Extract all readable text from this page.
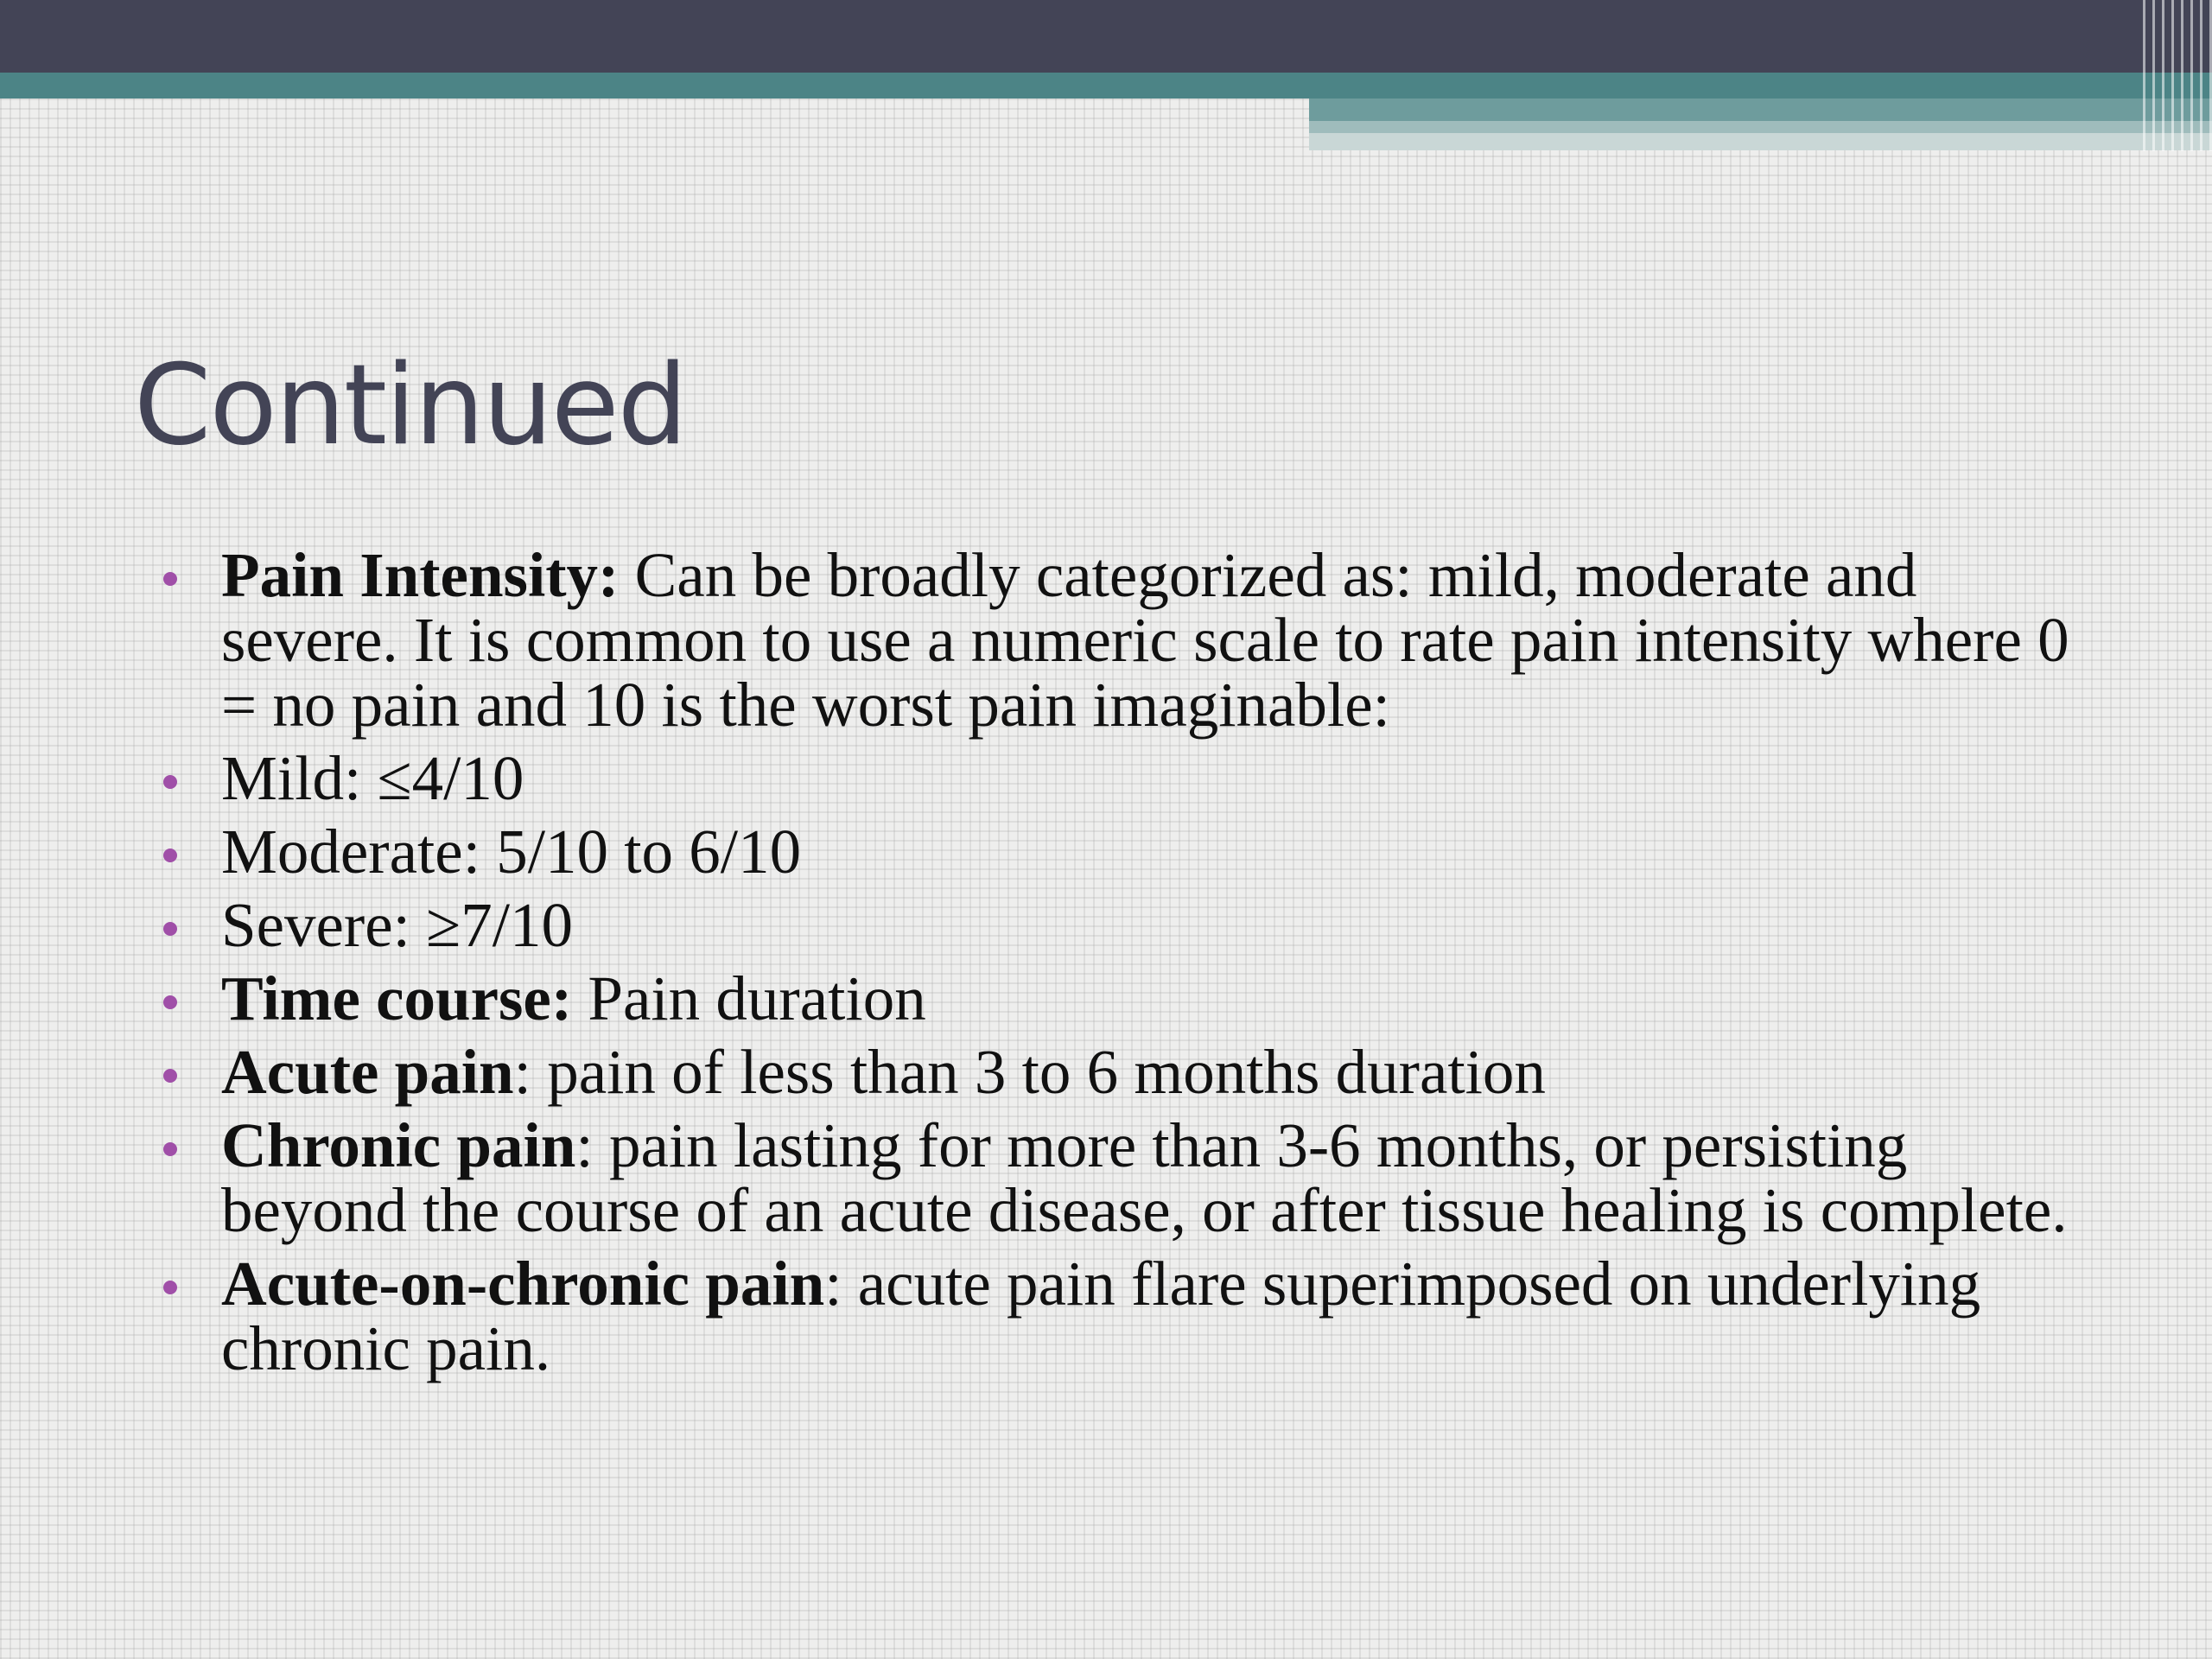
Continued
Pain Intensity: Can be broadly categorized as: mild, moderate and severe. It is common to use a numeric scale to rate pain intensity where 0 = no pain and 10 is the worst pain imaginable:
Mild: ≤4/10
Moderate: 5/10 to 6/10
Severe: ≥7/10
Time course: Pain duration
Acute pain: pain of less than 3 to 6 months duration
Chronic pain: pain lasting for more than 3-6 months, or persisting beyond the course of an acute disease, or after tissue healing is complete.
Acute-on-chronic pain: acute pain flare superimposed on underlying chronic pain.
